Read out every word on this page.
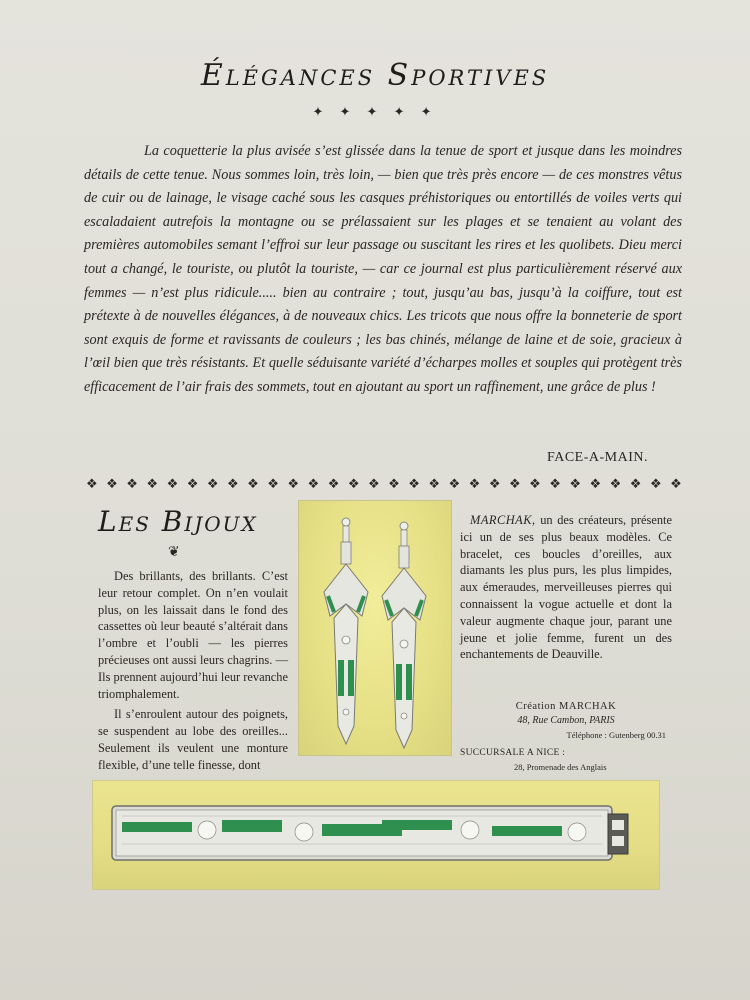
Élégances Sportives
✦ ✦ ✦ ✦ ✦

La coquetterie la plus avisée s’est glissée dans la tenue de sport et jusque dans les moindres détails de cette tenue. Nous sommes loin, très loin, — bien que très près encore — de ces monstres vêtus de cuir ou de lainage, le visage caché sous les casques préhistoriques ou entortillés de voiles verts qui escaladaient autrefois la montagne ou se prélassaient sur les plages et se tenaient au volant des premières automobiles semant l’effroi sur leur passage ou suscitant les rires et les quolibets. Dieu merci tout a changé, le touriste, ou plutôt la touriste, — car ce journal est plus particulièrement réservé aux femmes — n’est plus ridicule..... bien au contraire ; tout, jusqu’au bas, jusqu’à la coiffure, tout est prétexte à de nouvelles élégances, à de nouveaux chics. Les tricots que nous offre la bonneterie de sport sont exquis de forme et ravissants de couleurs ; les bas chinés, mélange de laine et de soie, gracieux à l’œil bien que très résistants. Et quelle séduisante variété d’écharpes molles et souples qui protègent très efficacement de l’air frais des sommets, tout en ajoutant au sport un raffinement, une grâce de plus !

FACE-A-MAIN.
❖ ❖ ❖ ❖ ❖ ❖ ❖ ❖ ❖ ❖ ❖ ❖ ❖ ❖ ❖ ❖ ❖ ❖ ❖ ❖ ❖ ❖ ❖ ❖ ❖ ❖ ❖ ❖ ❖ ❖
Les Bijoux
❦

Des brillants, des brillants. C’est leur retour complet. On n’en voulait plus, on les laissait dans le fond des cassettes où leur beauté s’altérait dans l’ombre et l’oubli — les pierres précieuses ont aussi leurs chagrins. — Ils prennent aujourd’hui leur revanche triomphalement.

Il s’enroulent autour des poignets, se suspendent au lobe des oreilles... Seulement ils veulent une monture flexible, d’une telle finesse, dont

MARCHAK, un des créateurs, présente ici un de ses plus beaux modèles. Ce bracelet, ces boucles d’oreilles, aux diamants les plus purs, les plus limpides, aux émeraudes, merveilleuses pierres qui connaissent la vogue actuelle et dont la valeur augmente chaque jour, parant une jeune et jolie femme, furent un des enchantements de Deauville.

Création MARCHAK
48, Rue Cambon, PARIS
Téléphone : Gutenberg 00.31
SUCCURSALE A NICE :
28, Promenade des Anglais
